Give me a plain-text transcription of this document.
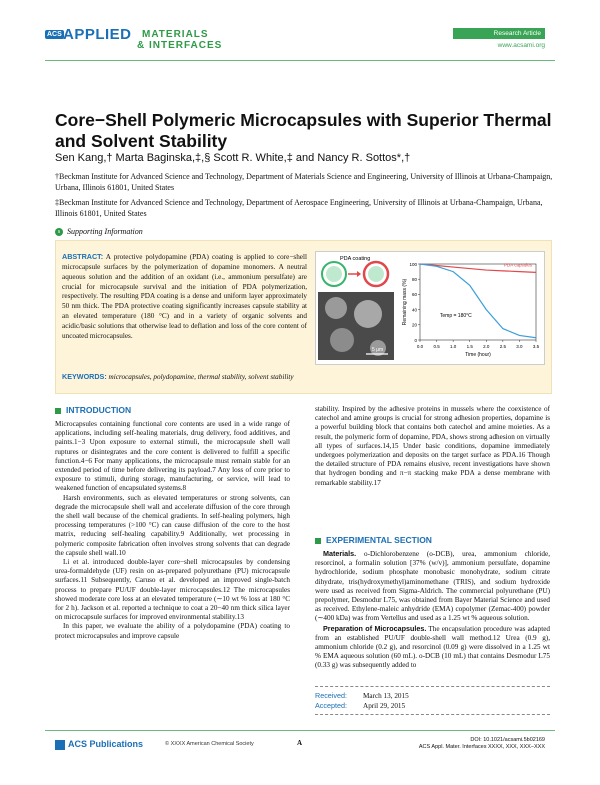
ACS APPLIED MATERIALS
& INTERFACES
Research Article
www.acsami.org
Core−Shell Polymeric Microcapsules with Superior Thermal and Solvent Stability
Sen Kang,† Marta Baginska,‡,§ Scott R. White,‡ and Nancy R. Sottos*,†
†Beckman Institute for Advanced Science and Technology, Department of Materials Science and Engineering, University of Illinois at Urbana-Champaign, Urbana, Illinois 61801, United States
‡Beckman Institute for Advanced Science and Technology, Department of Aerospace Engineering, University of Illinois at Urbana-Champaign, Urbana, Illinois 61801, United States
s Supporting Information
ABSTRACT: A protective polydopamine (PDA) coating is applied to core−shell microcapsule surfaces by the polymerization of dopamine monomers. A neutral aqueous solution and the addition of an oxidant (i.e., ammonium persulfate) are crucial for microcapsule survival and the initiation of PDA polymerization, respectively. The resulting PDA coating is a dense and uniform layer approximately 50 nm thick. The PDA protective coating significantly increases capsule stability at an elevated temperature (180 °C) and in a variety of organic solvents and acidic/basic solutions that otherwise lead to deflation and loss of the core content of uncoated microcapsules.
PDA coating
5 μm
0
20
40
60
80
100
0.0 0.5 1.0 1.5 2.0 2.5 3.0 3.5
Time (hour)
Remaining mass (%)
PDA capsules
Temp = 180°C
KEYWORDS: microcapsules, polydopamine, thermal stability, solvent stability
INTRODUCTION

Microcapsules containing functional core contents are used in a wide range of applications, including self-healing materials, drug delivery, food additives, and paints.1−3 Upon exposure to external stimuli, the microcapsule shell wall ruptures or disintegrates and the core content is delivered to fulfill a specific function.4−6 For many applications, the microcapsule must remain stable for an extended period of time before delivering its payload.7 Any loss of core prior to exposure to stimuli, during storage, manufacturing, or service, will lead to weakened function of encapsulated systems.8

Harsh environments, such as elevated temperatures or strong solvents, can degrade the microcapsule shell wall and accelerate diffusion of the core through the shell wall because of the chemical gradients. In self-healing polymers, high processing temperatures (>100 °C) can cause diffusion of the core to the host matrix, reducing self-healing capability.9 Additionally, wet processing in polymeric composite fabrication often involves strong solvents that can degrade the capsule shell wall.10

Li et al. introduced double-layer core−shell microcapsules by condensing urea-formaldehyde (UF) resin on as-prepared polyurethane (PU) microcapsule surfaces.11 Subsequently, Caruso et al. developed an improved single-batch process to prepare PU/UF double-layer microcapsules.12 The microcapsules showed moderate core loss at an elevated temperature (∼10 wt % loss at 180 °C for 2 h). Jackson et al. reported a technique to coat a 20−40 nm thick silica layer on microcapsule surfaces for improved environmental stability.13

In this paper, we evaluate the ability of a polydopamine (PDA) coating to protect microcapsules and improve capsule

stability. Inspired by the adhesive proteins in mussels where the coexistence of catechol and amine groups is crucial for strong adhesion properties, dopamine is a powerful building block that contains both catechol and amine moieties. As a result, the polymeric form of dopamine, PDA, shows strong adhesion on virtually all types of surfaces.14,15 Under basic conditions, dopamine immediately undergoes polymerization and deposits on the target surface as PDA.16 Though the detailed structure of PDA remains elusive, recent investigations have shown that hydrogen bonding and π−π stacking make PDA a dense membrane with remarkable stability.17

EXPERIMENTAL SECTION

Materials. o-Dichlorobenzene (o-DCB), urea, ammonium chloride, resorcinol, a formalin solution [37% (w/v)], ammonium persulfate, dopamine hydrochloride, sodium phosphate monobasic monohydrate, sodium citrate dihydrate, tris(hydroxymethyl)aminomethane (TRIS), and sodium hydroxide were used as received from Sigma-Aldrich. The commercial polyurethane (PU) prepolymer, Desmodur L75, was obtained from Bayer Material Science and used as received. Ethylene-maleic anhydride (EMA) copolymer (Zemac-400) powder (∼400 kDa) was from Vertellus and used as a 1.25 wt % aqueous solution.

Preparation of Microcapsules. The encapsulation procedure was adapted from an established PU/UF double-shell wall method.12 Urea (0.9 g), ammonium chloride (0.2 g), and resorcinol (0.09 g) were dissolved in a 1.25 wt % EMA aqueous solution (60 mL). o-DCB (10 mL) that contains Desmodur L75 (0.33 g) was subsequently added to

Received: March 13, 2015
Accepted: April 29, 2015
ACS Publications	© XXXX American Chemical Society	A	DOI: 10.1021/acsami.5b02169
ACS Appl. Mater. Interfaces XXXX, XXX, XXX−XXX
